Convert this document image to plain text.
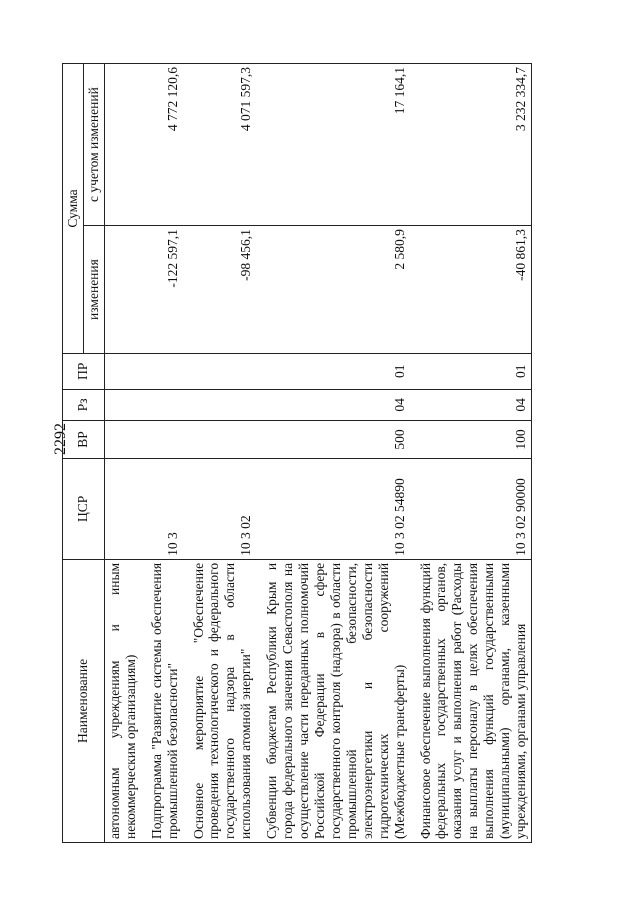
2292
Наименование	ЦСР	ВР	Рз	ПР	Сумма	
					изменения	с учетом изменений
автономным учреждениям и иным некоммерческим организациям)						
Подпрограмма "Развитие системы обеспечения промышленной безопасности"	10 3				-122 597,1	4 772 120,6
Основное мероприятие "Обеспечение проведения технологического и федерального государственного надзора в области использования атомной энергии"	10 3 02				-98 456,1	4 071 597,3
Субвенции бюджетам Республики Крым и города федерального значения Севастополя на осуществление части переданных полномочий Российской Федерации в сфере государственного контроля (надзора) в области промышленной безопасности, электроэнергетики и безопасности гидротехнических сооружений (Межбюджетные трансферты)	10 3 02 54890	500	04	01	2 580,9	17 164,1
Финансовое обеспечение выполнения функций федеральных государственных органов, оказания услуг и выполнения работ (Расходы на выплаты персоналу в целях обеспечения выполнения функций государственными (муниципальными) органами, казенными учреждениями, органами управления	10 3 02 90000	100	04	01	-40 861,3	3 232 334,7
